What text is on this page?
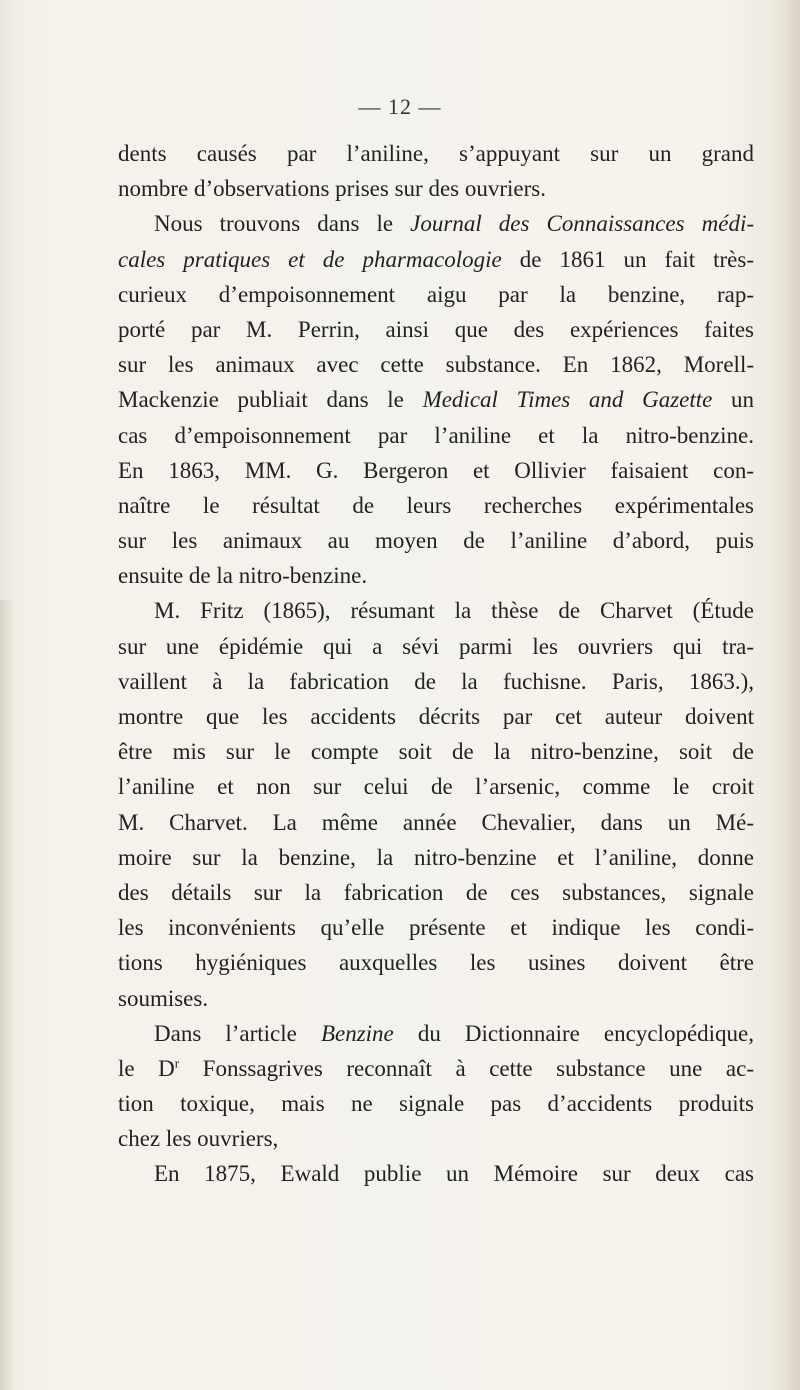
— 12 —
dents causés par l’aniline, s’appuyant sur un grand
nombre d’observations prises sur des ouvriers.
Nous trouvons dans le Journal des Connaissances médi-
cales pratiques et de pharmacologie de 1861 un fait très-
curieux d’empoisonnement aigu par la benzine, rap-
porté par M. Perrin, ainsi que des expériences faites
sur les animaux avec cette substance. En 1862, Morell-
Mackenzie publiait dans le Medical Times and Gazette un
cas d’empoisonnement par l’aniline et la nitro-benzine.
En 1863, MM. G. Bergeron et Ollivier faisaient con-
naître le résultat de leurs recherches expérimentales
sur les animaux au moyen de l’aniline d’abord, puis
ensuite de la nitro-benzine.
M. Fritz (1865), résumant la thèse de Charvet (Étude
sur une épidémie qui a sévi parmi les ouvriers qui tra-
vaillent à la fabrication de la fuchisne. Paris, 1863.),
montre que les accidents décrits par cet auteur doivent
être mis sur le compte soit de la nitro-benzine, soit de
l’aniline et non sur celui de l’arsenic, comme le croit
M. Charvet. La même année Chevalier, dans un Mé-
moire sur la benzine, la nitro-benzine et l’aniline, donne
des détails sur la fabrication de ces substances, signale
les inconvénients qu’elle présente et indique les condi-
tions hygiéniques auxquelles les usines doivent être
soumises.
Dans l’article Benzine du Dictionnaire encyclopédique,
le $D^r$ Fonssagrives reconnaît à cette substance une ac-
tion toxique, mais ne signale pas d’accidents produits
chez les ouvriers,
En 1875, Ewald publie un Mémoire sur deux cas
